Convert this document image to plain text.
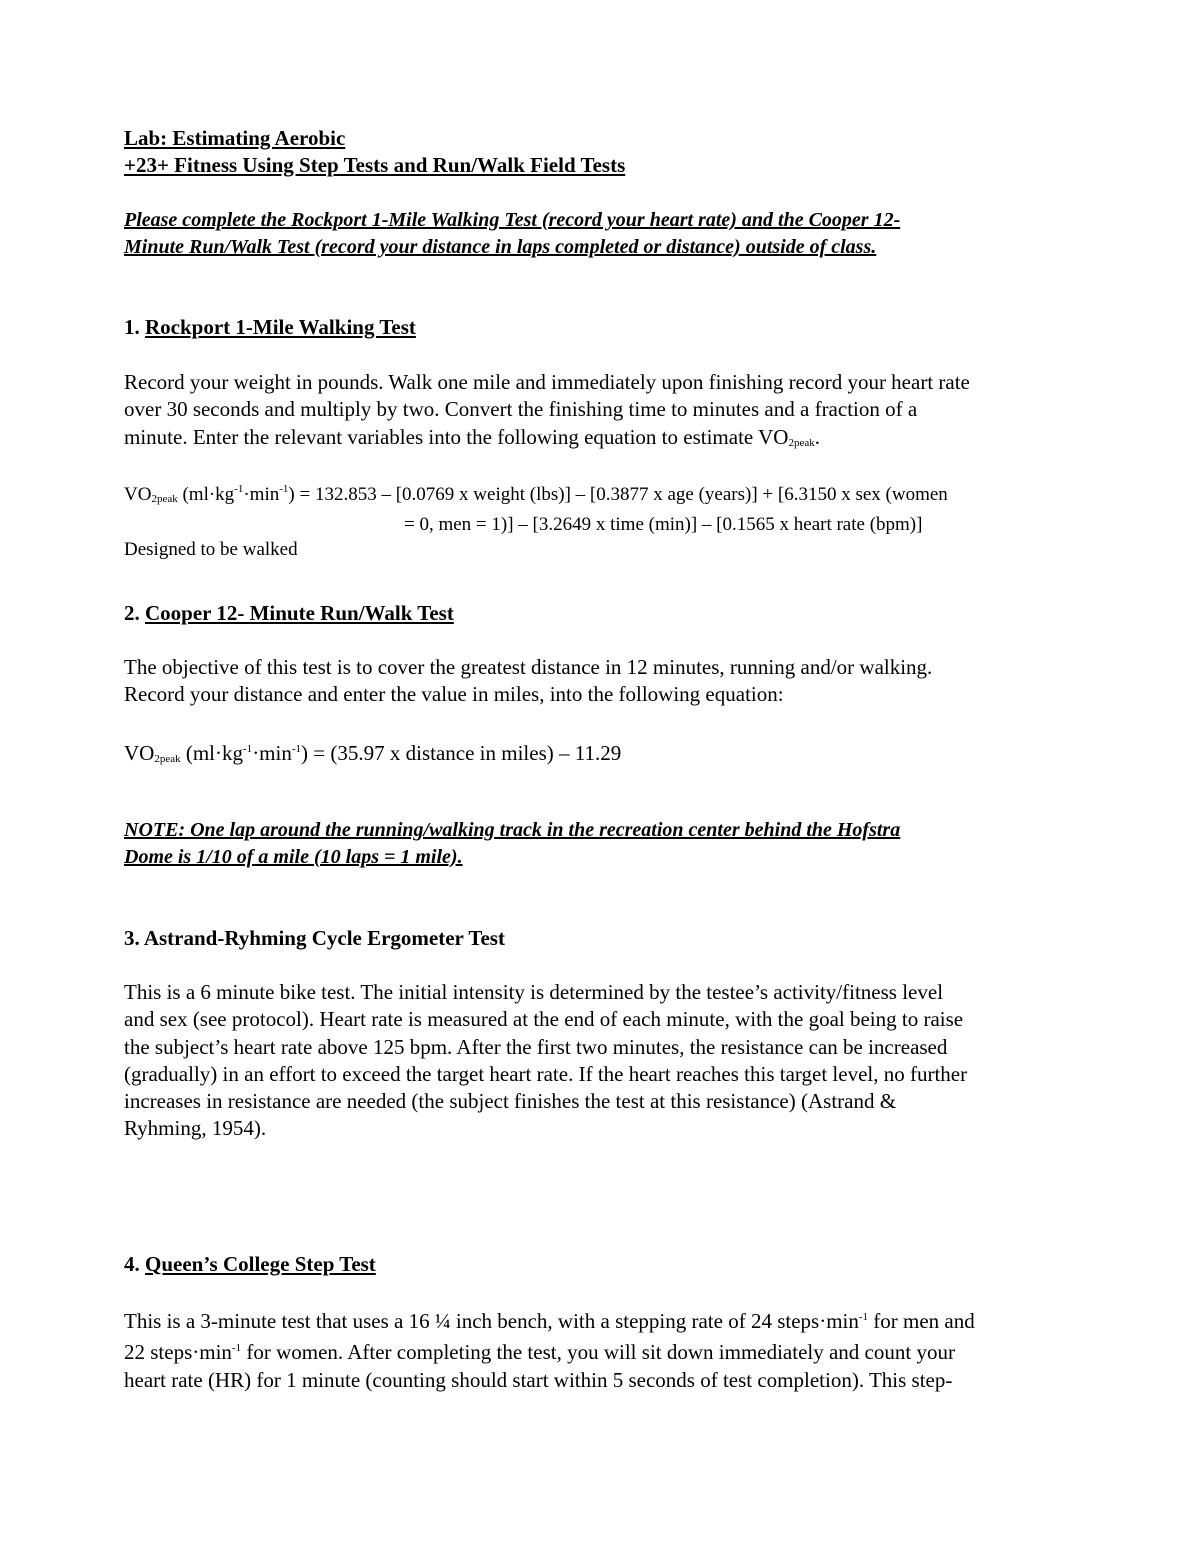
Lab: Estimating Aerobic
+23+ Fitness Using Step Tests and Run/Walk Field Tests
Please complete the Rockport 1-Mile Walking Test (record your heart rate) and the Cooper 12-
Minute Run/Walk Test (record your distance in laps completed or distance) outside of class.
1. Rockport 1-Mile Walking Test
Record your weight in pounds. Walk one mile and immediately upon finishing record your heart rate
over 30 seconds and multiply by two. Convert the finishing time to minutes and a fraction of a
minute. Enter the relevant variables into the following equation to estimate $VO_{2peak}$.
$VO_{2peak}$ $(ml\cdot kg^{-1}\cdot\min^{-1}) = 132.853 - [0.0769$ x weight (lbs)] – [0.3877 x age (years)] + [6.3150 x sex (women
= 0, men = 1)] – [3.2649 x time (min)] – [0.1565 x heart rate (bpm)]
Designed to be walked
2. Cooper 12- Minute Run/Walk Test
The objective of this test is to cover the greatest distance in 12 minutes, running and/or walking.
Record your distance and enter the value in miles, into the following equation:
$VO_{2peak}$ $(ml\cdot kg^{-1}\cdot\min^{-1}) = (35.97$ x distance in miles) – 11.29
NOTE: One lap around the running/walking track in the recreation center behind the Hofstra
Dome is 1/10 of a mile (10 laps = 1 mile).
3. Astrand-Ryhming Cycle Ergometer Test
This is a 6 minute bike test. The initial intensity is determined by the testee’s activity/fitness level
and sex (see protocol). Heart rate is measured at the end of each minute, with the goal being to raise
the subject’s heart rate above 125 bpm. After the first two minutes, the resistance can be increased
(gradually) in an effort to exceed the target heart rate. If the heart reaches this target level, no further
increases in resistance are needed (the subject finishes the test at this resistance) (Astrand &
Ryhming, 1954).
4. Queen’s College Step Test
This is a 3-minute test that uses a 16 ¼ inch bench, with a stepping rate of 24 $steps\cdot\min^{-1}$ for men and
22 $steps\cdot\min^{-1}$ for women. After completing the test, you will sit down immediately and count your
heart rate (HR) for 1 minute (counting should start within 5 seconds of test completion). This step-
